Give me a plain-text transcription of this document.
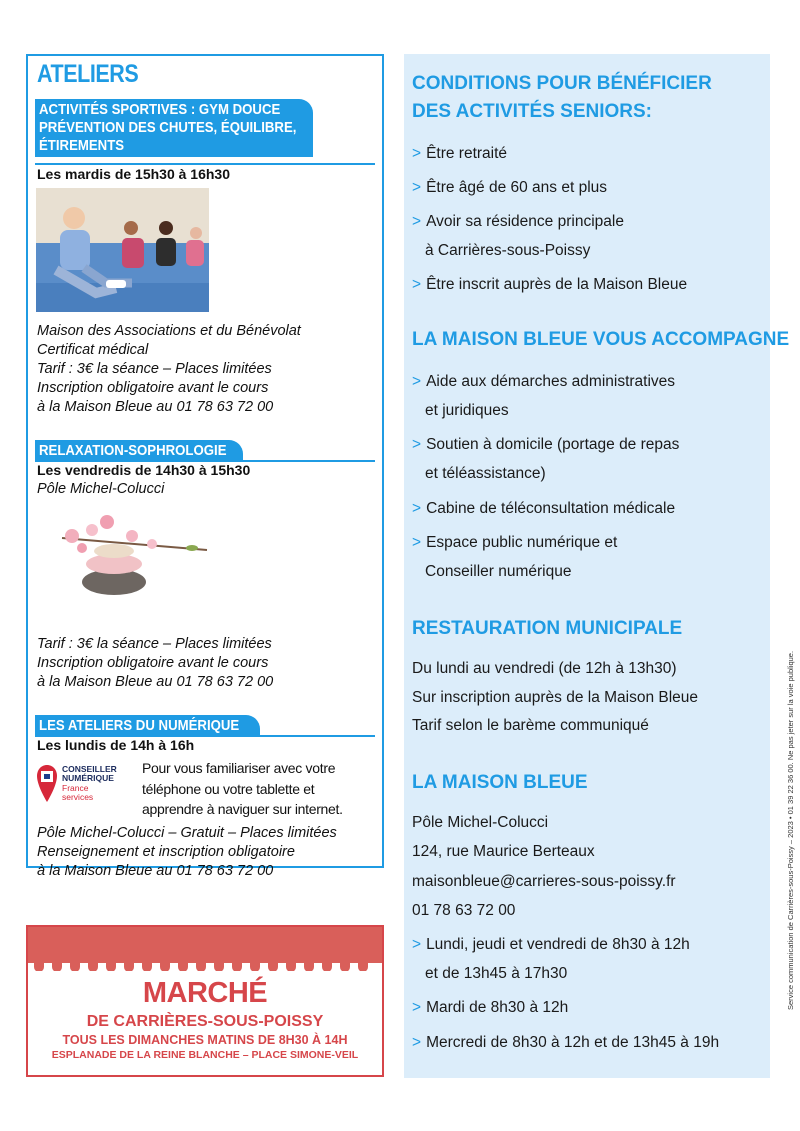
ATELIERS
ACTIVITÉS SPORTIVES : GYM DOUCE
PRÉVENTION DES CHUTES, ÉQUILIBRE,
ÉTIREMENTS
Les mardis de 15h30 à 16h30
Maison des Associations et du Bénévolat
Certificat médical
Tarif : 3€ la séance – Places limitées
Inscription obligatoire avant le cours
à la Maison Bleue au 01 78 63 72 00
RELAXATION-SOPHROLOGIE
Les vendredis de 14h30 à 15h30
Pôle Michel-Colucci
Tarif : 3€ la séance – Places limitées
Inscription obligatoire avant le cours
à la Maison Bleue au 01 78 63 72 00
LES ATELIERS DU NUMÉRIQUE
Les lundis de 14h à 16h
CONSEILLER
NUMÉRIQUE
France
services
Pour vous familiariser avec votre
téléphone ou votre tablette et
apprendre à naviguer sur internet.
Pôle Michel-Colucci – Gratuit – Places limitées
Renseignement et inscription obligatoire
à la Maison Bleue au 01 78 63 72 00
MARCHÉ
DE CARRIÈRES-SOUS-POISSY
TOUS LES DIMANCHES MATINS DE 8H30 À 14H
ESPLANADE DE LA REINE BLANCHE – PLACE SIMONE-VEIL
CONDITIONS POUR BÉNÉFICIER
DES ACTIVITÉS SENIORS:
> Être retraité
> Être âgé de 60 ans et plus
> Avoir sa résidence principale
à Carrières-sous-Poissy
> Être inscrit auprès de la Maison Bleue
LA MAISON BLEUE VOUS ACCOMPAGNE
> Aide aux démarches administratives
et juridiques
> Soutien à domicile (portage de repas
et téléassistance)
> Cabine de téléconsultation médicale
> Espace public numérique et
Conseiller numérique
RESTAURATION MUNICIPALE
Du lundi au vendredi (de 12h à 13h30)
Sur inscription auprès de la Maison Bleue
Tarif selon le barème communiqué
LA MAISON BLEUE
Pôle Michel-Colucci
124, rue Maurice Berteaux
maisonbleue@carrieres-sous-poissy.fr
01 78 63 72 00
> Lundi, jeudi et vendredi de 8h30 à 12h
et de 13h45 à 17h30
> Mardi de 8h30 à 12h
> Mercredi de 8h30 à 12h et de 13h45 à 19h
Service communication de Carrières-sous-Poissy – 2023 • 01 39 22 36 00. Ne pas jeter sur la voie publique.
